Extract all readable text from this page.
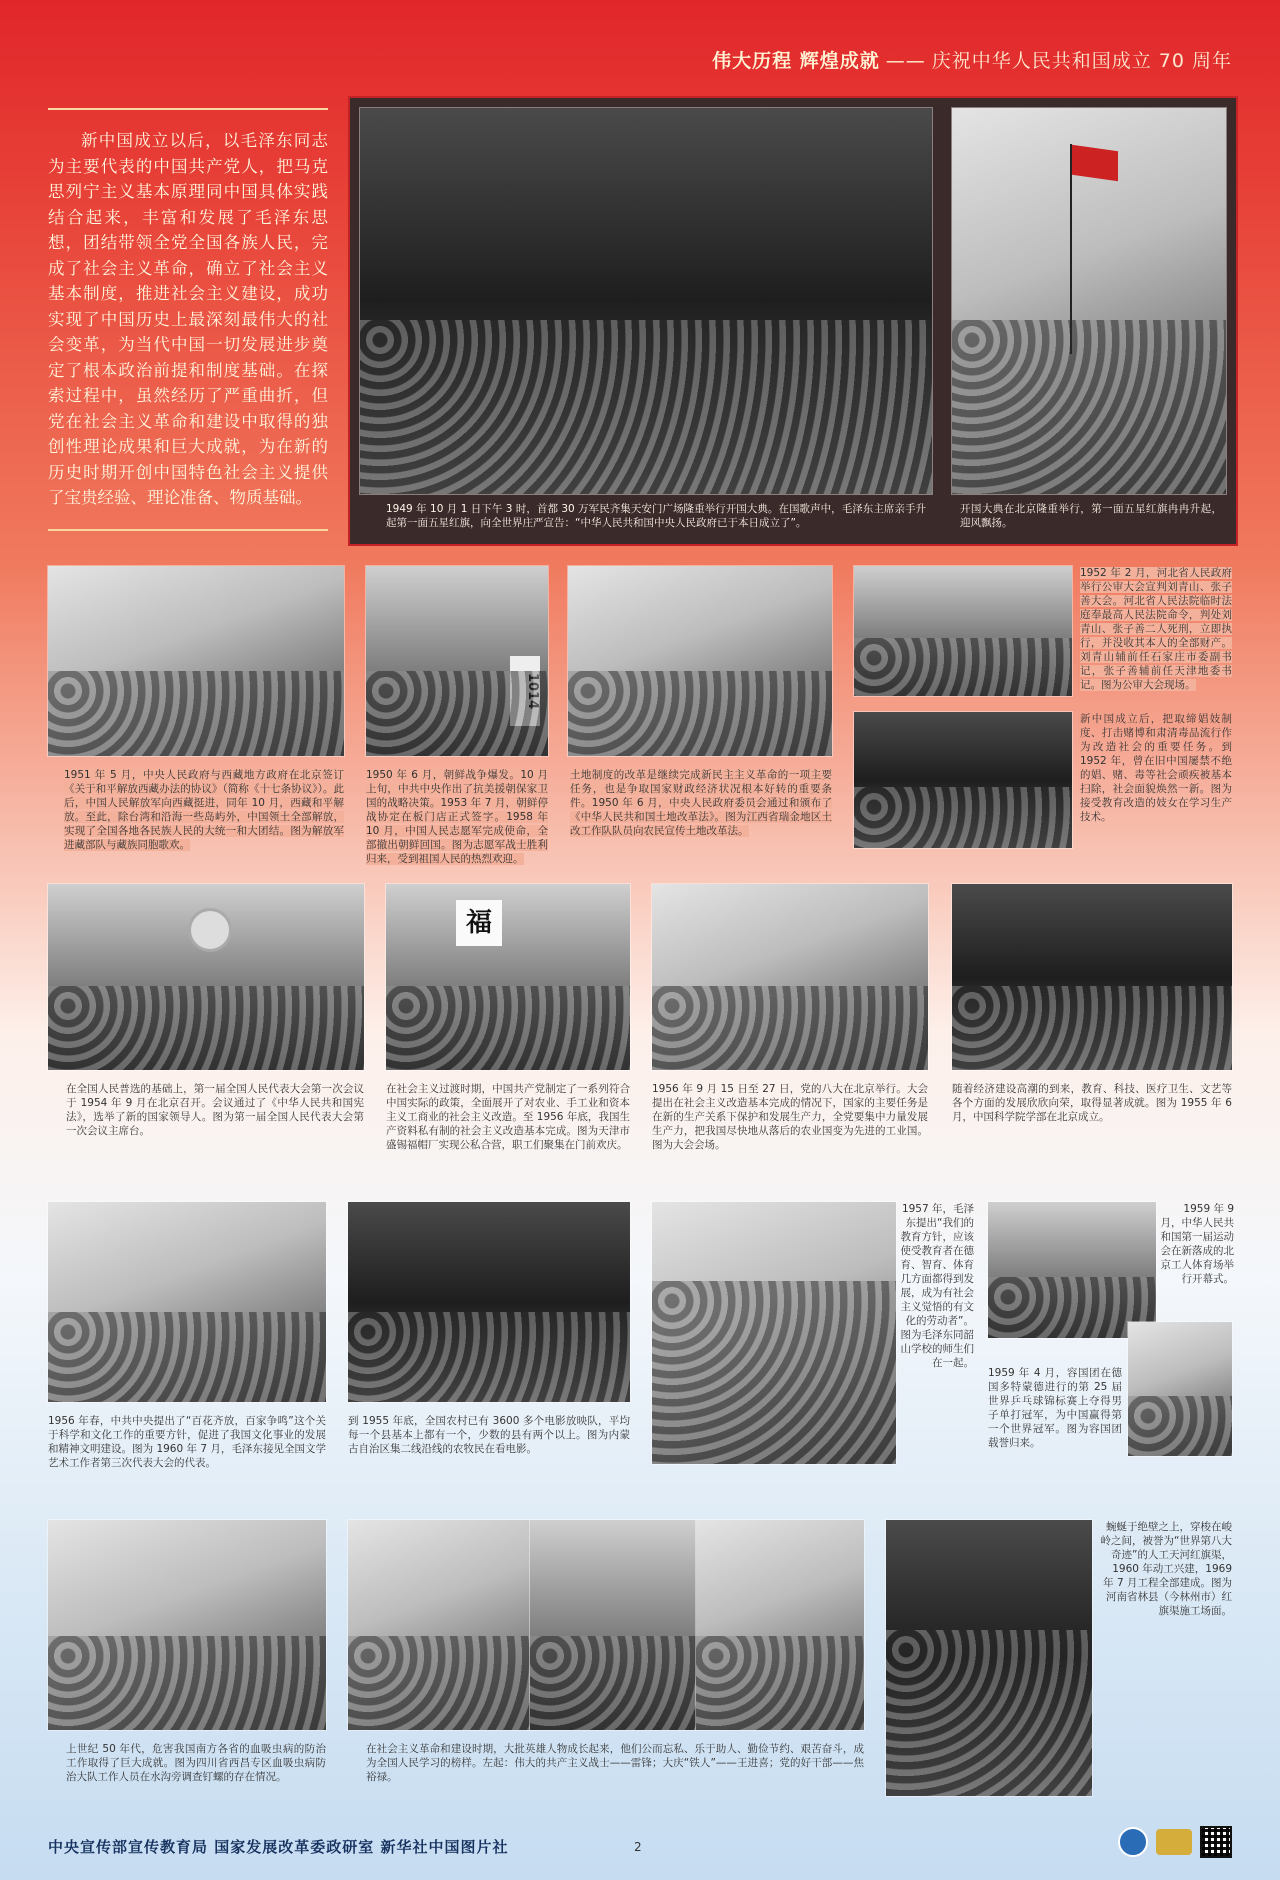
伟大历程 辉煌成就 —— 庆祝中华人民共和国成立 70 周年

新中国成立以后，以毛泽东同志为主要代表的中国共产党人，把马克思列宁主义基本原理同中国具体实践结合起来，丰富和发展了毛泽东思想，团结带领全党全国各族人民，完成了社会主义革命，确立了社会主义基本制度，推进社会主义建设，成功实现了中国历史上最深刻最伟大的社会变革，为当代中国一切发展进步奠定了根本政治前提和制度基础。在探索过程中，虽然经历了严重曲折，但党在社会主义革命和建设中取得的独创性理论成果和巨大成就，为在新的历史时期开创中国特色社会主义提供了宝贵经验、理论准备、物质基础。

1949 年 10 月 1 日下午 3 时，首都 30 万军民齐集天安门广场隆重举行开国大典。在国歌声中，毛泽东主席亲手升起第一面五星红旗，向全世界庄严宣告：“中华人民共和国中央人民政府已于本日成立了”。
开国大典在北京隆重举行，第一面五星红旗冉冉升起，迎风飘扬。
1951 年 5 月，中央人民政府与西藏地方政府在北京签订《关于和平解放西藏办法的协议》（简称《十七条协议》）。此后，中国人民解放军向西藏挺进，同年 10 月，西藏和平解放。至此，除台湾和沿海一些岛屿外，中国领土全部解放，实现了全国各地各民族人民的大统一和大团结。图为解放军进藏部队与藏族同胞歌欢。
1950 年 6 月，朝鲜战争爆发。10 月上旬，中共中央作出了抗美援朝保家卫国的战略决策。1953 年 7 月，朝鲜停战协定在板门店正式签字。1958 年 10 月，中国人民志愿军完成使命，全部撤出朝鲜回国。图为志愿军战士胜利归来，受到祖国人民的热烈欢迎。
土地制度的改革是继续完成新民主主义革命的一项主要任务，也是争取国家财政经济状况根本好转的重要条件。1950 年 6 月，中央人民政府委员会通过和颁布了《中华人民共和国土地改革法》。图为江西省瑞金地区土改工作队队员向农民宣传土地改革法。
1952 年 2 月，河北省人民政府举行公审大会宣判刘青山、张子善大会。河北省人民法院临时法庭奉最高人民法院命令，判处刘青山、张子善二人死刑，立即执行，并没收其本人的全部财产。刘青山辅前任石家庄市委副书记，张子善辅前任天津地委书记。图为公审大会现场。
新中国成立后，把取缔娼妓制度、打击赌博和肃清毒品流行作为改造社会的重要任务。到 1952 年，曾在旧中国屡禁不绝的娼、赌、毒等社会顽疾被基本扫除，社会面貌焕然一新。图为接受教育改造的妓女在学习生产技术。
在全国人民普选的基础上，第一届全国人民代表大会第一次会议于 1954 年 9 月在北京召开。会议通过了《中华人民共和国宪法》，选举了新的国家领导人。图为第一届全国人民代表大会第一次会议主席台。
福
在社会主义过渡时期，中国共产党制定了一系列符合中国实际的政策，全面展开了对农业、手工业和资本主义工商业的社会主义改造。至 1956 年底，我国生产资料私有制的社会主义改造基本完成。图为天津市盛锡福帽厂实现公私合营，职工们聚集在门前欢庆。
1956 年 9 月 15 日至 27 日，党的八大在北京举行。大会提出在社会主义改造基本完成的情况下，国家的主要任务是在新的生产关系下保护和发展生产力，全党要集中力量发展生产力，把我国尽快地从落后的农业国变为先进的工业国。图为大会会场。
随着经济建设高潮的到来，教育、科技、医疗卫生、文艺等各个方面的发展欣欣向荣，取得显著成就。图为 1955 年 6 月，中国科学院学部在北京成立。
1956 年春，中共中央提出了“百花齐放，百家争鸣”这个关于科学和文化工作的重要方针，促进了我国文化事业的发展和精神文明建设。图为 1960 年 7 月，毛泽东接见全国文学艺术工作者第三次代表大会的代表。
到 1955 年底，全国农村已有 3600 多个电影放映队，平均每一个县基本上都有一个，少数的县有两个以上。图为内蒙古自治区集二线沿线的农牧民在看电影。
1957 年，毛泽东提出“我们的教育方针，应该使受教育者在德育、智育、体育几方面都得到发展，成为有社会主义觉悟的有文化的劳动者”。图为毛泽东同韶山学校的师生们在一起。
1959 年 9 月，中华人民共和国第一届运动会在新落成的北京工人体育场举行开幕式。
1959 年 4 月，容国团在德国多特蒙德进行的第 25 届世界乒乓球锦标赛上夺得男子单打冠军，为中国赢得第一个世界冠军。图为容国团载誉归来。
上世纪 50 年代，危害我国南方各省的血吸虫病的防治工作取得了巨大成就。图为四川省西昌专区血吸虫病防治大队工作人员在水沟旁调查钉螺的存在情况。
在社会主义革命和建设时期，大批英雄人物成长起来，他们公而忘私、乐于助人、勤俭节约、艰苦奋斗，成为全国人民学习的榜样。左起：伟大的共产主义战士——雷锋；大庆“铁人”——王进喜；党的好干部——焦裕禄。
蜿蜒于绝壁之上，穿梭在峻岭之间，被誉为“世界第八大奇迹”的人工天河红旗渠，1960 年动工兴建，1969 年 7 月工程全部建成。图为河南省林县（今林州市）红旗渠施工场面。
中央宣传部宣传教育局 国家发展改革委政研室 新华社中国图片社	2
